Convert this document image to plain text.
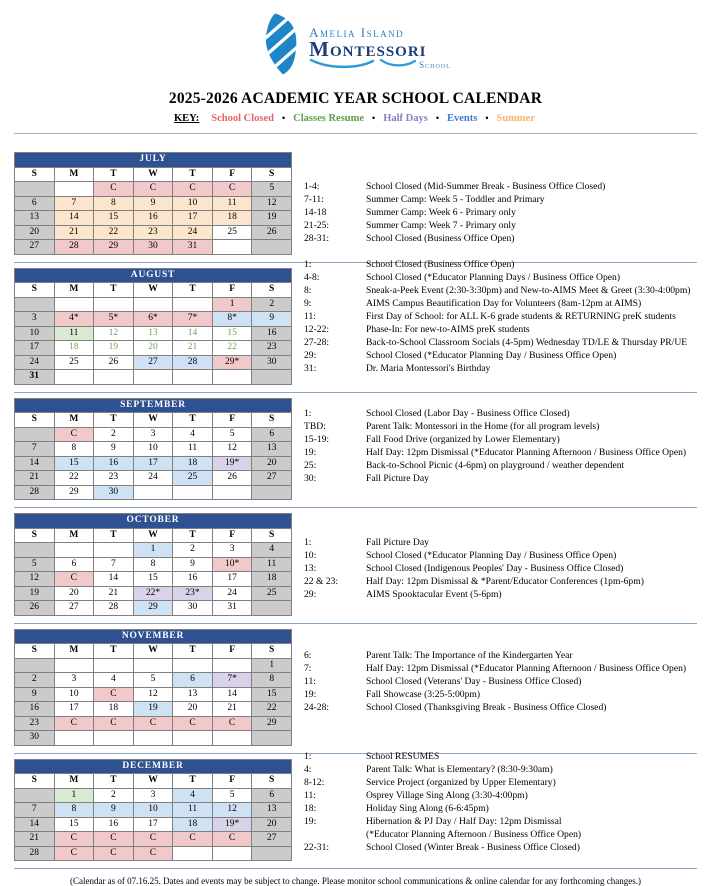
Amelia Island
Montessori
School
2025-2026 ACADEMIC YEAR SCHOOL CALENDAR
KEY: School Closed • Classes Resume • Half Days • Events • Summer
JULY						
S	M	T	W	T	F	S
		C	C	C	C	5
6	7	8	9	10	11	12
13	14	15	16	17	18	19
20	21	22	23	24	25	26
27	28	29	30	31		
1-4:	School Closed (Mid-Summer Break - Business Office Closed)
7-11:	Summer Camp: Week 5 - Toddler and Primary
14-18	Summer Camp: Week 6 - Primary only
21-25:	Summer Camp: Week 7 - Primary only
28-31:	School Closed (Business Office Open)
AUGUST						
S	M	T	W	T	F	S
					1	2
3	4*	5*	6*	7*	8*	9
10	11	12	13	14	15	16
17	18	19	20	21	22	23
24	25	26	27	28	29*	30
31						
1:	School Closed (Business Office Open)
4-8:	School Closed (*Educator Planning Days / Business Office Open)
8:	Sneak-a-Peek Event (2:30-3:30pm) and New-to-AIMS Meet & Greet (3:30-4:00pm)
9:	AIMS Campus Beautification Day for Volunteers (8am-12pm at AIMS)
11:	First Day of School: for ALL K-6 grade students & RETURNING preK students
12-22:	Phase-In: For new-to-AIMS preK students
27-28:	Back-to-School Classroom Socials (4-5pm) Wednesday TD/LE & Thursday PR/UE
29:	School Closed (*Educator Planning Day / Business Office Open)
31:	Dr. Maria Montessori's Birthday
SEPTEMBER						
S	M	T	W	T	F	S
	C	2	3	4	5	6
7	8	9	10	11	12	13
14	15	16	17	18	19*	20
21	22	23	24	25	26	27
28	29	30				
1:	School Closed (Labor Day - Business Office Closed)
TBD:	Parent Talk: Montessori in the Home (for all program levels)
15-19:	Fall Food Drive (organized by Lower Elementary)
19:	Half Day: 12pm Dismissal (*Educator Planning Afternoon / Business Office Open)
25:	Back-to-School Picnic (4-6pm) on playground / weather dependent
30:	Fall Picture Day
OCTOBER						
S	M	T	W	T	F	S
			1	2	3	4
5	6	7	8	9	10*	11
12	C	14	15	16	17	18
19	20	21	22*	23*	24	25
26	27	28	29	30	31	
1:	Fall Picture Day
10:	School Closed (*Educator Planning Day / Business Office Open)
13:	School Closed (Indigenous Peoples' Day - Business Office Closed)
22 & 23:	Half Day: 12pm Dismissal & *Parent/Educator Conferences (1pm-6pm)
29:	AIMS Spooktacular Event (5-6pm)
NOVEMBER						
S	M	T	W	T	F	S
						1
2	3	4	5	6	7*	8
9	10	C	12	13	14	15
16	17	18	19	20	21	22
23	C	C	C	C	C	29
30						
6:	Parent Talk: The Importance of the Kindergarten Year
7:	Half Day: 12pm Dismissal (*Educator Planning Afternoon / Business Office Open)
11:	School Closed (Veterans' Day - Business Office Closed)
19:	Fall Showcase (3:25-5:00pm)
24-28:	School Closed (Thanksgiving Break - Business Office Closed)
DECEMBER						
S	M	T	W	T	F	S
	1	2	3	4	5	6
7	8	9	10	11	12	13
14	15	16	17	18	19*	20
21	C	C	C	C	C	27
28	C	C	C			
1:	School RESUMES
4:	Parent Talk: What is Elementary? (8:30-9:30am)
8-12:	Service Project (organized by Upper Elementary)
11:	Osprey Village Sing Along (3:30-4:00pm)
18:	Holiday Sing Along (6-6:45pm)
19:	Hibernation & PJ Day / Half Day: 12pm Dismissal
(*Educator Planning Afternoon / Business Office Open)
22-31:	School Closed (Winter Break - Business Office Closed)
(Calendar as of 07.16.25. Dates and events may be subject to change. Please monitor school communications & online calendar for any forthcoming changes.)
